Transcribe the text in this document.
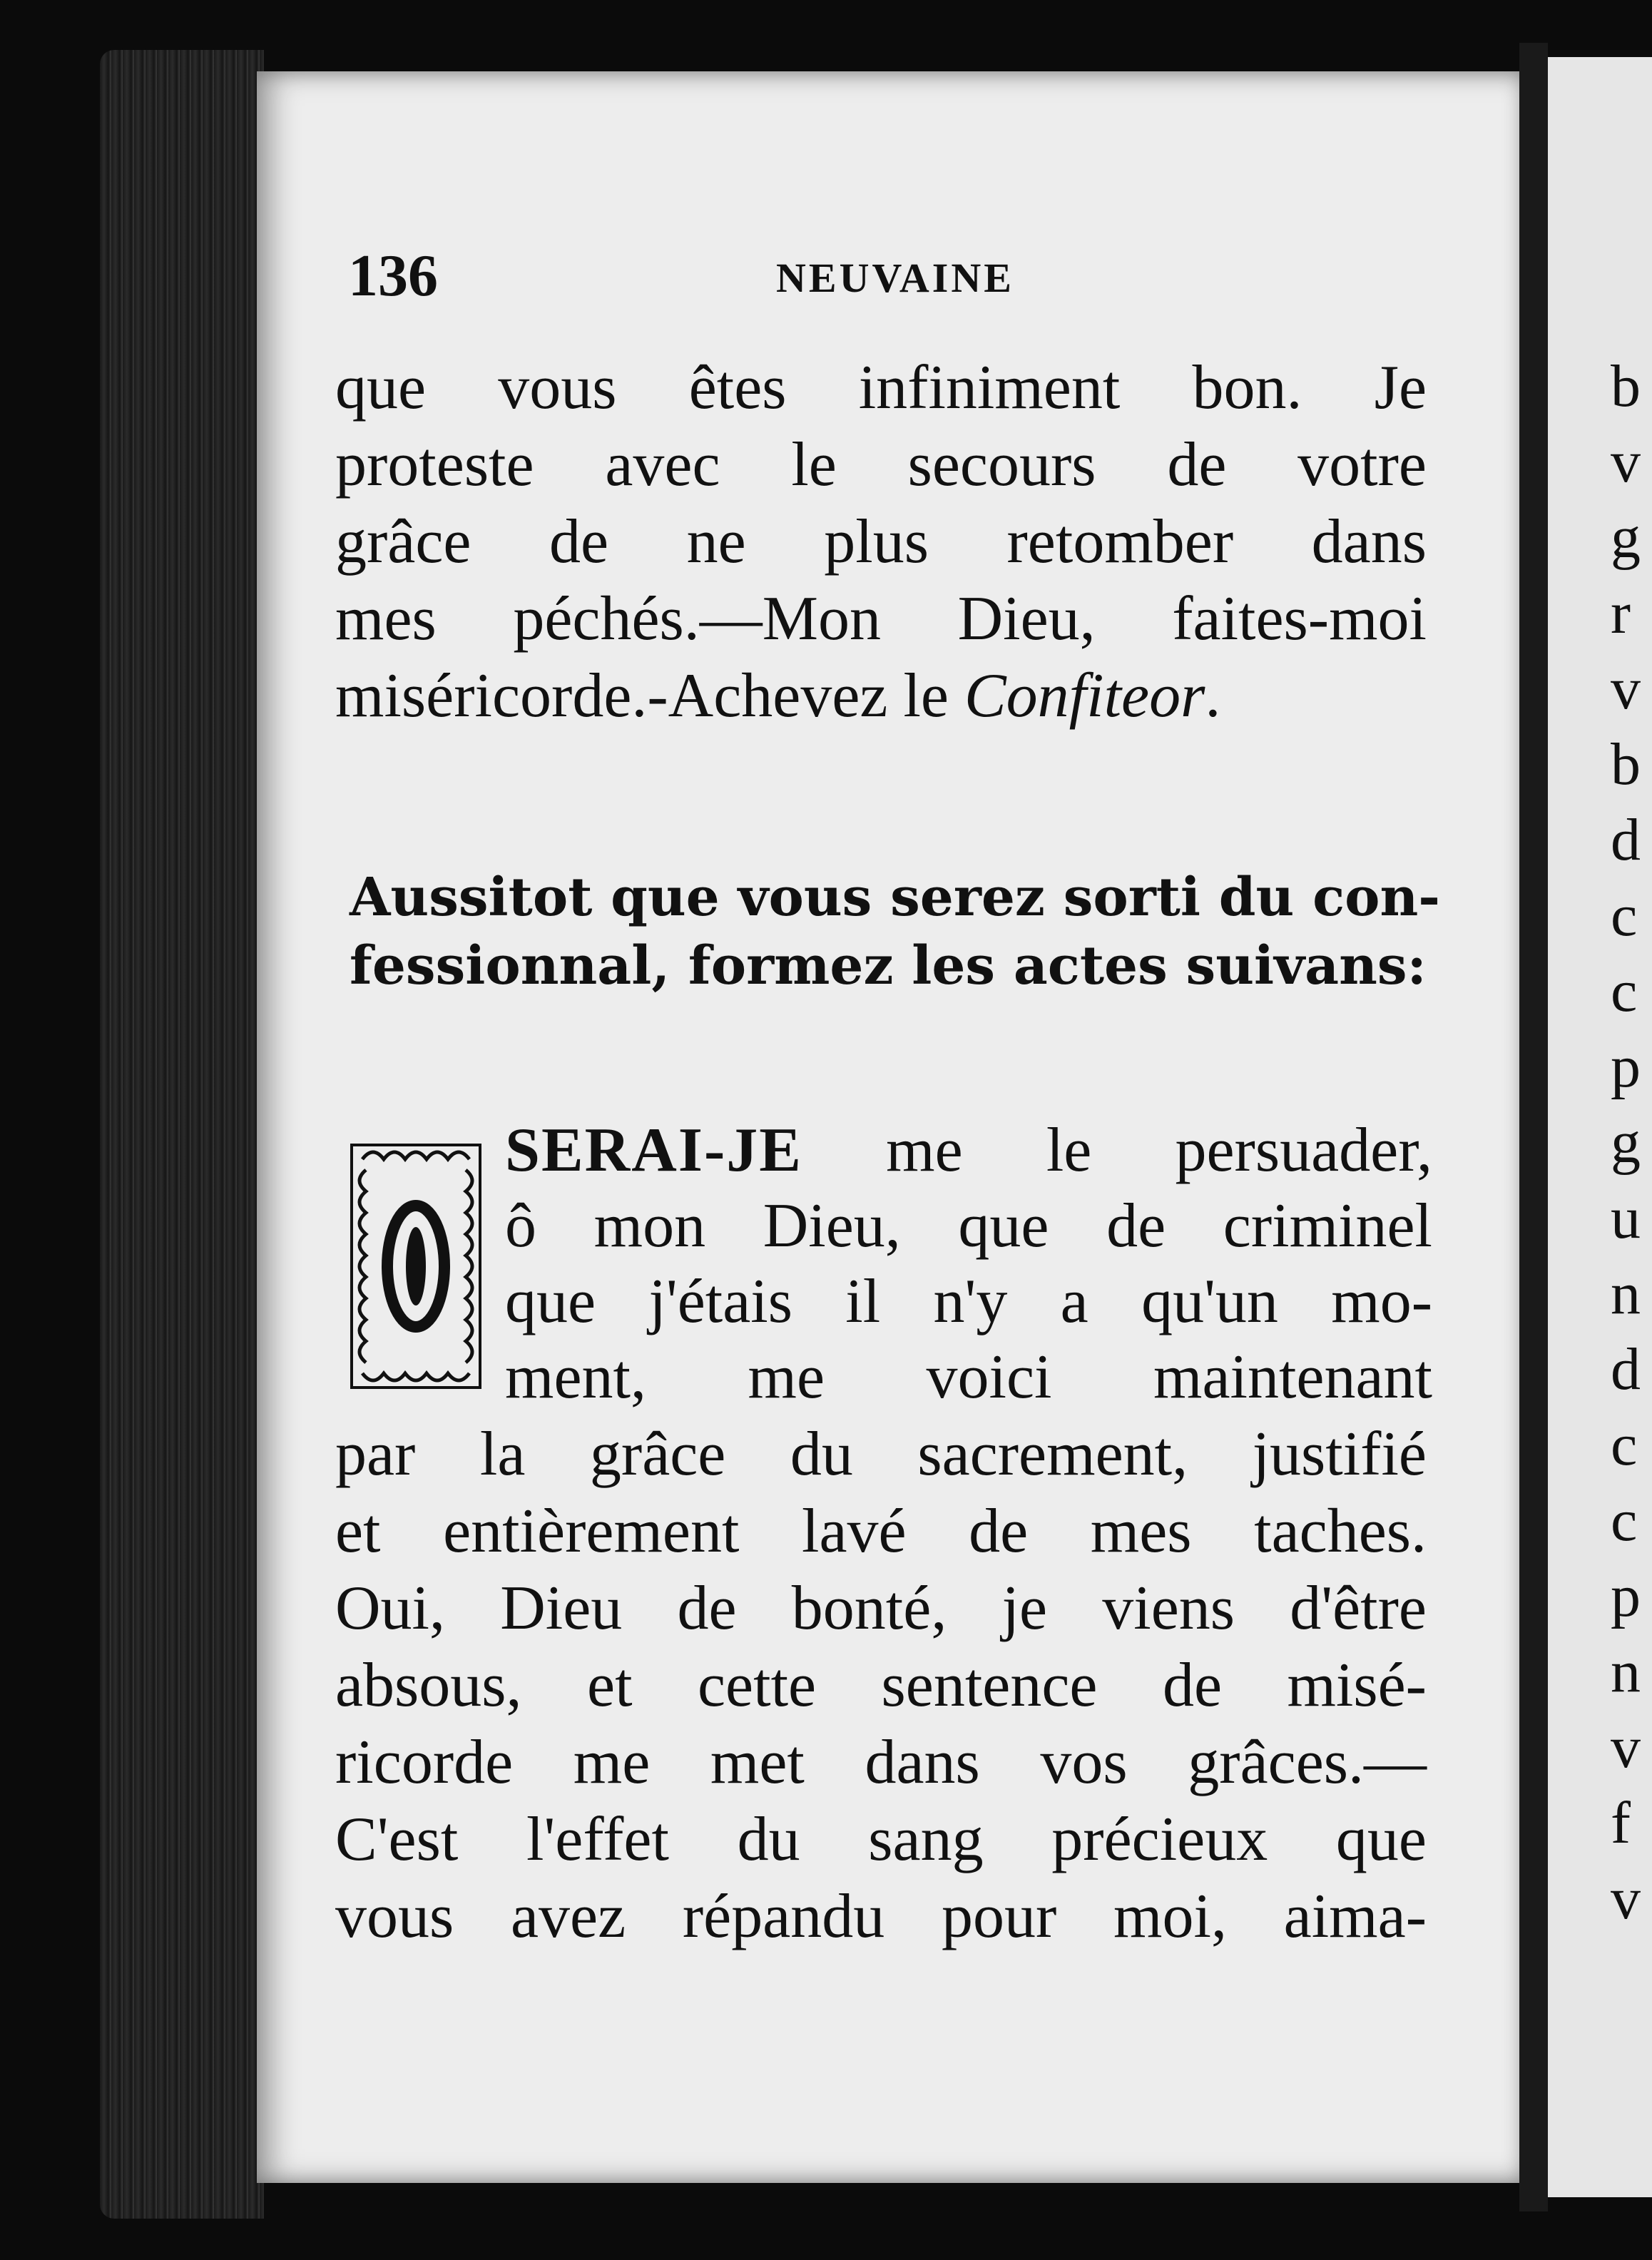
b
v
g
r
v
b
d
c
c
p
g
u
n
d
c
c
p
n
v
f
v
136	NEUVAINE
que vous êtes infiniment bon. Je
proteste avec le secours de votre
grâce de ne plus retomber dans
mes péchés.—Mon Dieu, faites-moi
miséricorde.-Achevez le Confiteor.
Aussitot que vous serez sorti du con-
fessionnal, formez les actes suivans:
SERAI-JE me le persuader,
ô mon Dieu, que de criminel
que j'étais il n'y a qu'un mo-
ment, me voici maintenant
par la grâce du sacrement, justifié
et entièrement lavé de mes taches.
Oui, Dieu de bonté, je viens d'être
absous, et cette sentence de misé-
ricorde me met dans vos grâces.—
C'est l'effet du sang précieux que
vous avez répandu pour moi, aima-
